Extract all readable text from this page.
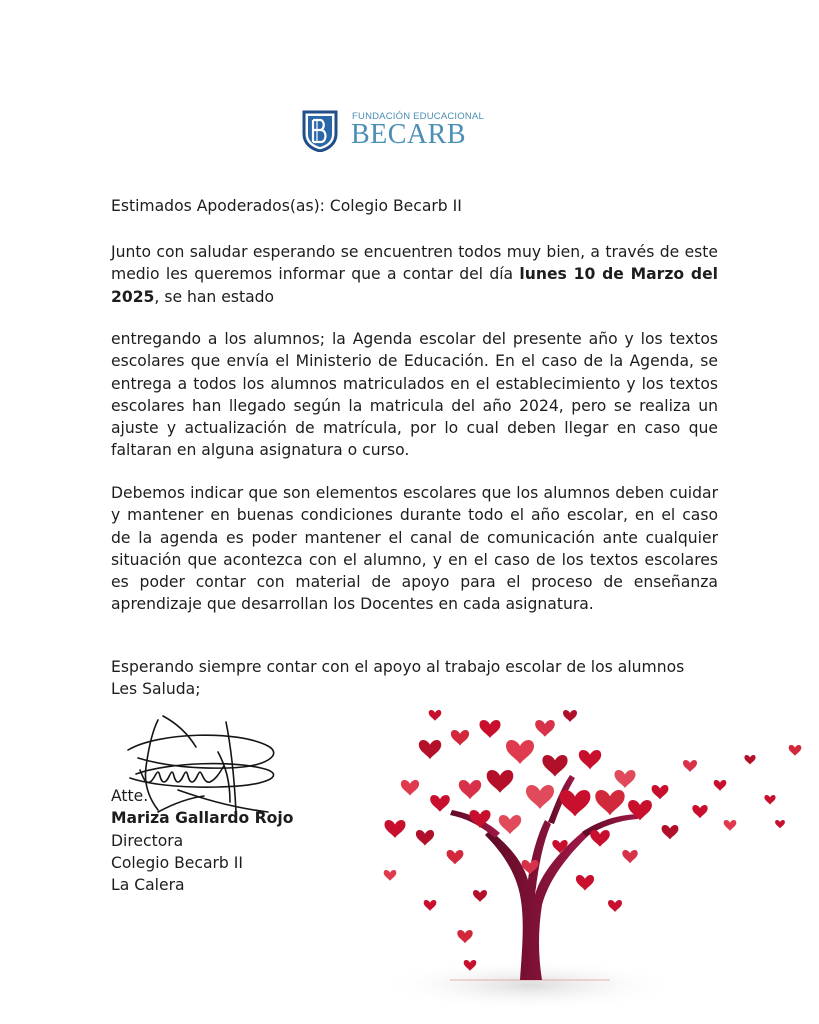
FUNDACIÓN EDUCACIONAL
BECARB

Estimados Apoderados(as): Colegio Becarb II

Junto con saludar esperando se encuentren todos muy bien, a través de este medio les queremos informar que a contar del día lunes 10 de Marzo del 2025, se han estado

entregando a los alumnos; la Agenda escolar del presente año y los textos escolares que envía el Ministerio de Educación. En el caso de la Agenda, se entrega a todos los alumnos matriculados en el establecimiento y los textos escolares han llegado según la matricula del año 2024, pero se realiza un ajuste y actualización de matrícula, por lo cual deben llegar en caso que faltaran en alguna asignatura o curso.

Debemos indicar que son elementos escolares que los alumnos deben cuidar y mantener en buenas condiciones durante todo el año escolar, en el caso de la agenda es poder mantener el canal de comunicación ante cualquier situación que acontezca con el alumno, y en el caso de los textos escolares es poder contar con material de apoyo para el proceso de enseñanza aprendizaje que desarrollan los Docentes en cada asignatura.

Esperando siempre contar con el apoyo al trabajo escolar de los alumnos
Les Saluda;

Atte.
Mariza Gallardo Rojo
Directora
Colegio Becarb II
La Calera
